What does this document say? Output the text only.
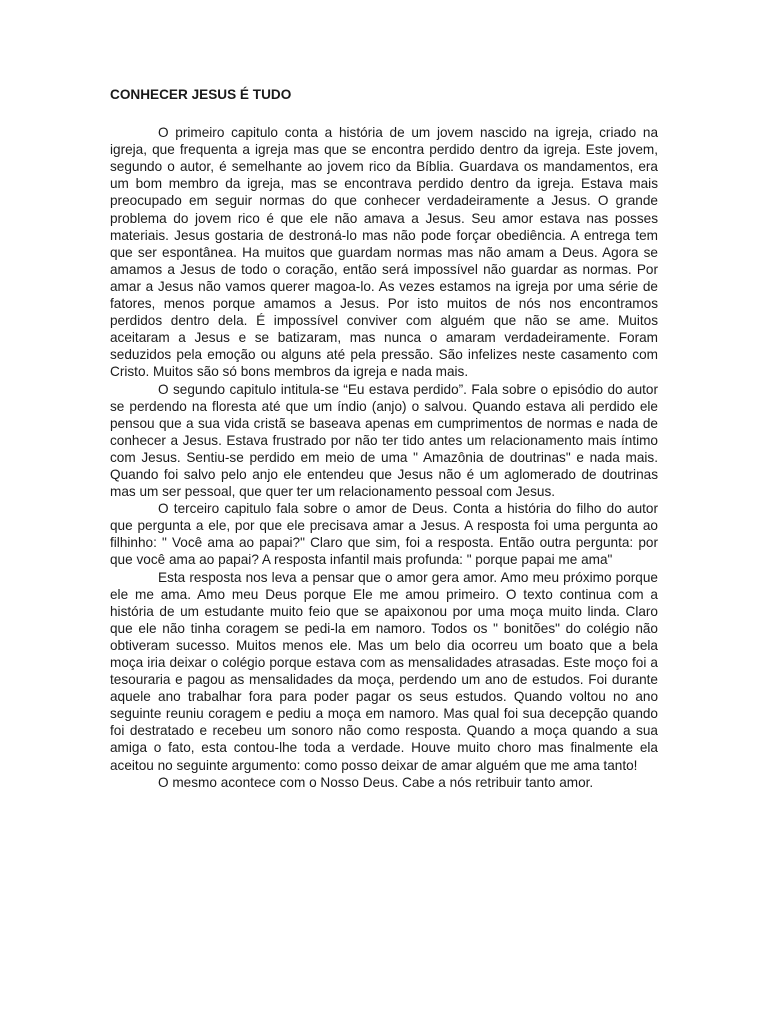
CONHECER JESUS É TUDO

O primeiro capitulo conta a história de um jovem nascido na igreja, criado na igreja, que frequenta a igreja mas que se encontra perdido dentro da igreja. Este jovem, segundo o autor, é semelhante ao jovem rico da Bíblia. Guardava os mandamentos, era um bom membro da igreja, mas se encontrava perdido dentro da igreja. Estava mais preocupado em seguir normas do que conhecer verdadeiramente a Jesus. O grande problema do jovem rico é que ele não amava a Jesus. Seu amor estava nas posses materiais. Jesus gostaria de destroná-lo mas não pode forçar obediência. A entrega tem que ser espontânea. Ha muitos que guardam normas mas não amam a Deus. Agora se amamos a Jesus de todo o coração, então será impossível não guardar as normas. Por amar a Jesus não vamos querer magoa-lo. As vezes estamos na igreja por uma série de fatores, menos porque amamos a Jesus. Por isto muitos de nós nos encontramos perdidos dentro dela. É impossível conviver com alguém que não se ame. Muitos aceitaram a Jesus e se batizaram, mas nunca o amaram verdadeiramente. Foram seduzidos pela emoção ou alguns até pela pressão. São infelizes neste casamento com Cristo. Muitos são só bons membros da igreja e nada mais.

O segundo capitulo intitula-se “Eu estava perdido”. Fala sobre o episódio do autor se perdendo na floresta até que um índio (anjo) o salvou. Quando estava ali perdido ele pensou que a sua vida cristã se baseava apenas em cumprimentos de normas e nada de conhecer a Jesus. Estava frustrado por não ter tido antes um relacionamento mais íntimo com Jesus. Sentiu-se perdido em meio de uma " Amazônia de doutrinas" e nada mais. Quando foi salvo pelo anjo ele entendeu que Jesus não é um aglomerado de doutrinas mas um ser pessoal, que quer ter um relacionamento pessoal com Jesus.

O terceiro capitulo fala sobre o amor de Deus. Conta a história do filho do autor que pergunta a ele, por que ele precisava amar a Jesus. A resposta foi uma pergunta ao filhinho: " Você ama ao papai?" Claro que sim, foi a resposta. Então outra pergunta: por que você ama ao papai? A resposta infantil mais profunda: " porque papai me ama"

Esta resposta nos leva a pensar que o amor gera amor. Amo meu próximo porque ele me ama. Amo meu Deus porque Ele me amou primeiro. O texto continua com a história de um estudante muito feio que se apaixonou por uma moça muito linda. Claro que ele não tinha coragem se pedi-la em namoro. Todos os " bonitões" do colégio não obtiveram sucesso. Muitos menos ele. Mas um belo dia ocorreu um boato que a bela moça iria deixar o colégio porque estava com as mensalidades atrasadas. Este moço foi a tesouraria e pagou as mensalidades da moça, perdendo um ano de estudos. Foi durante aquele ano trabalhar fora para poder pagar os seus estudos. Quando voltou no ano seguinte reuniu coragem e pediu a moça em namoro. Mas qual foi sua decepção quando foi destratado e recebeu um sonoro não como resposta. Quando a moça quando a sua amiga o fato, esta contou-lhe toda a verdade. Houve muito choro mas finalmente ela aceitou no seguinte argumento: como posso deixar de amar alguém que me ama tanto!

O mesmo acontece com o Nosso Deus. Cabe a nós retribuir tanto amor.
